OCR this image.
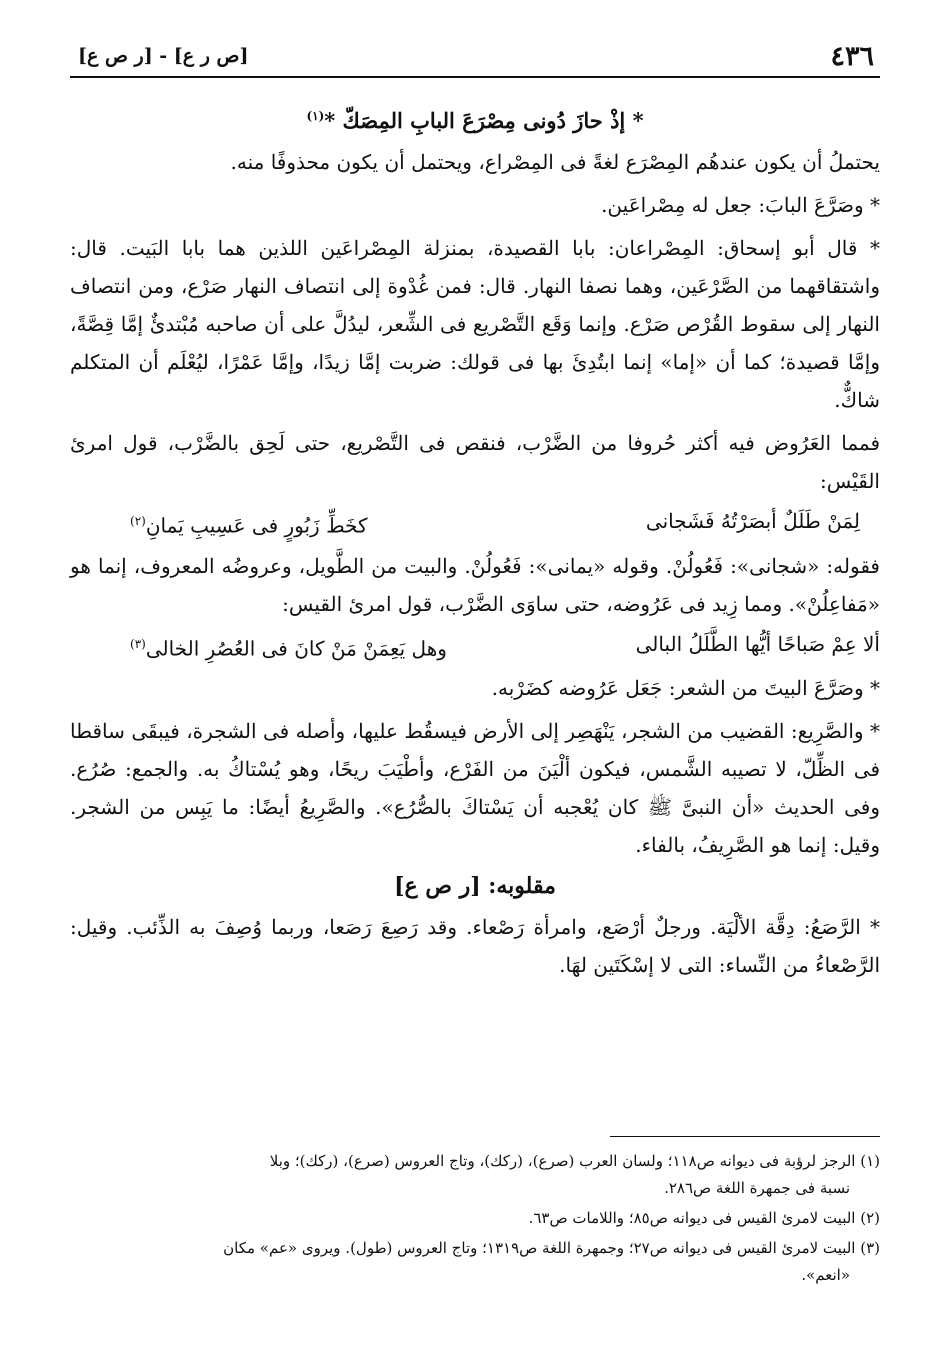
٤٣٦
[ص ر ع] - [ر ص ع]
* إذْ حازَ دُونى مِصْرَعَ البابِ المِصَكّ *$^{(١)}$

يحتملُ أن يكون عندهُم المِصْرَع لغةً فى المِصْراع، ويحتمل أن يكون محذوفًا منه.

* وصَرَّعَ البابَ: جعل له مِصْراعَين.

* قال أبو إسحاق: المِصْراعان: بابا القصيدة، بمنزلة المِصْراعَين اللذين هما بابا البَيت. قال: واشتقاقهما من الصَّرْعَين، وهما نصفا النهار. قال: فمن غُدْوة إلى انتصاف النهار صَرْع، ومن انتصاف النهار إلى سقوط القُرْص صَرْع. وإنما وَقَع التَّصْريع فى الشِّعر، ليدُلَّ على أن صاحبه مُبْتدئٌ إمَّا قِصَّةً، وإمَّا قصيدة؛ كما أن «إما» إنما ابتُدِئَ بها فى قولك: ضربت إمَّا زيدًا، وإمَّا عَمْرًا، ليُعْلَم أن المتكلم شاكٌّ.

فمما العَرُوض فيه أكثر حُروفا من الضَّرْب، فنقص فى التَّصْريع، حتى لَحِق بالضَّرْب، قول امرئ القَيْس:

لِمَنْ طَلَلٌ أبصَرْتُهُ فَشَجانى
كخَطِّ زَبُورٍ فى عَسِيبِ يَمانِ$^{(٢)}$

فقوله: «شجانى»: فَعُولُنْ. وقوله «يمانى»: فَعُولُنْ. والبيت من الطَّويل، وعروضُه المعروف، إنما هو «مَفاعِلُنْ». ومما زِيد فى عَرُوضه، حتى ساوَى الضَّرْب، قول امرئ القيس:

ألا عِمْ صَباحًا أيُّها الطَّلَلُ البالى
وهل يَعِمَنْ مَنْ كانَ فى العُصُرِ الخالى$^{(٣)}$

* وصَرَّعَ البيتَ من الشعر: جَعَل عَرُوضه كضَرْبه.

* والصَّرِيع: القضيب من الشجر، يَنْهَصِر إلى الأرض فيسقُط عليها، وأصله فى الشجرة، فيبقَى ساقطا فى الظِّلّ، لا تصيبه الشَّمس، فيكون ألْيَنَ من الفَرْع، وأطْيَبَ ريحًا، وهو يُسْتاكُ به. والجمع: صُرُع. وفى الحديث «أن النبىَّ ﷺ كان يُعْجبه أن يَسْتاكَ بالصُّرُع». والصَّرِيعُ أيضًا: ما يَبِس من الشجر. وقيل: إنما هو الصَّرِيفُ، بالفاء.

مقلوبه: [ر ص ع]

* الرَّصَعُ: دِقَّة الألْيَة. ورجلٌ أرْصَع، وامرأة رَصْعاء. وقد رَصِعَ رَصَعا، وربما وُصِفَ به الذِّئب. وقيل: الرَّصْعاءُ من النِّساء: التى لا إسْكَتَين لهَا.

(١) الرجز لرؤبة فى ديوانه ص١١٨؛ ولسان العرب (صرع)، (ركك)، وتاج العروس (صرع)، (ركك)؛ وبلا
نسبة فى جمهرة اللغة ص٢٨٦.

(٢) البيت لامرئ القيس فى ديوانه ص٨٥؛ واللامات ص٦٣.

(٣) البيت لامرئ القيس فى ديوانه ص٢٧؛ وجمهرة اللغة ص١٣١٩؛ وتاج العروس (طول). ويروى «عم» مكان
«انعم».
